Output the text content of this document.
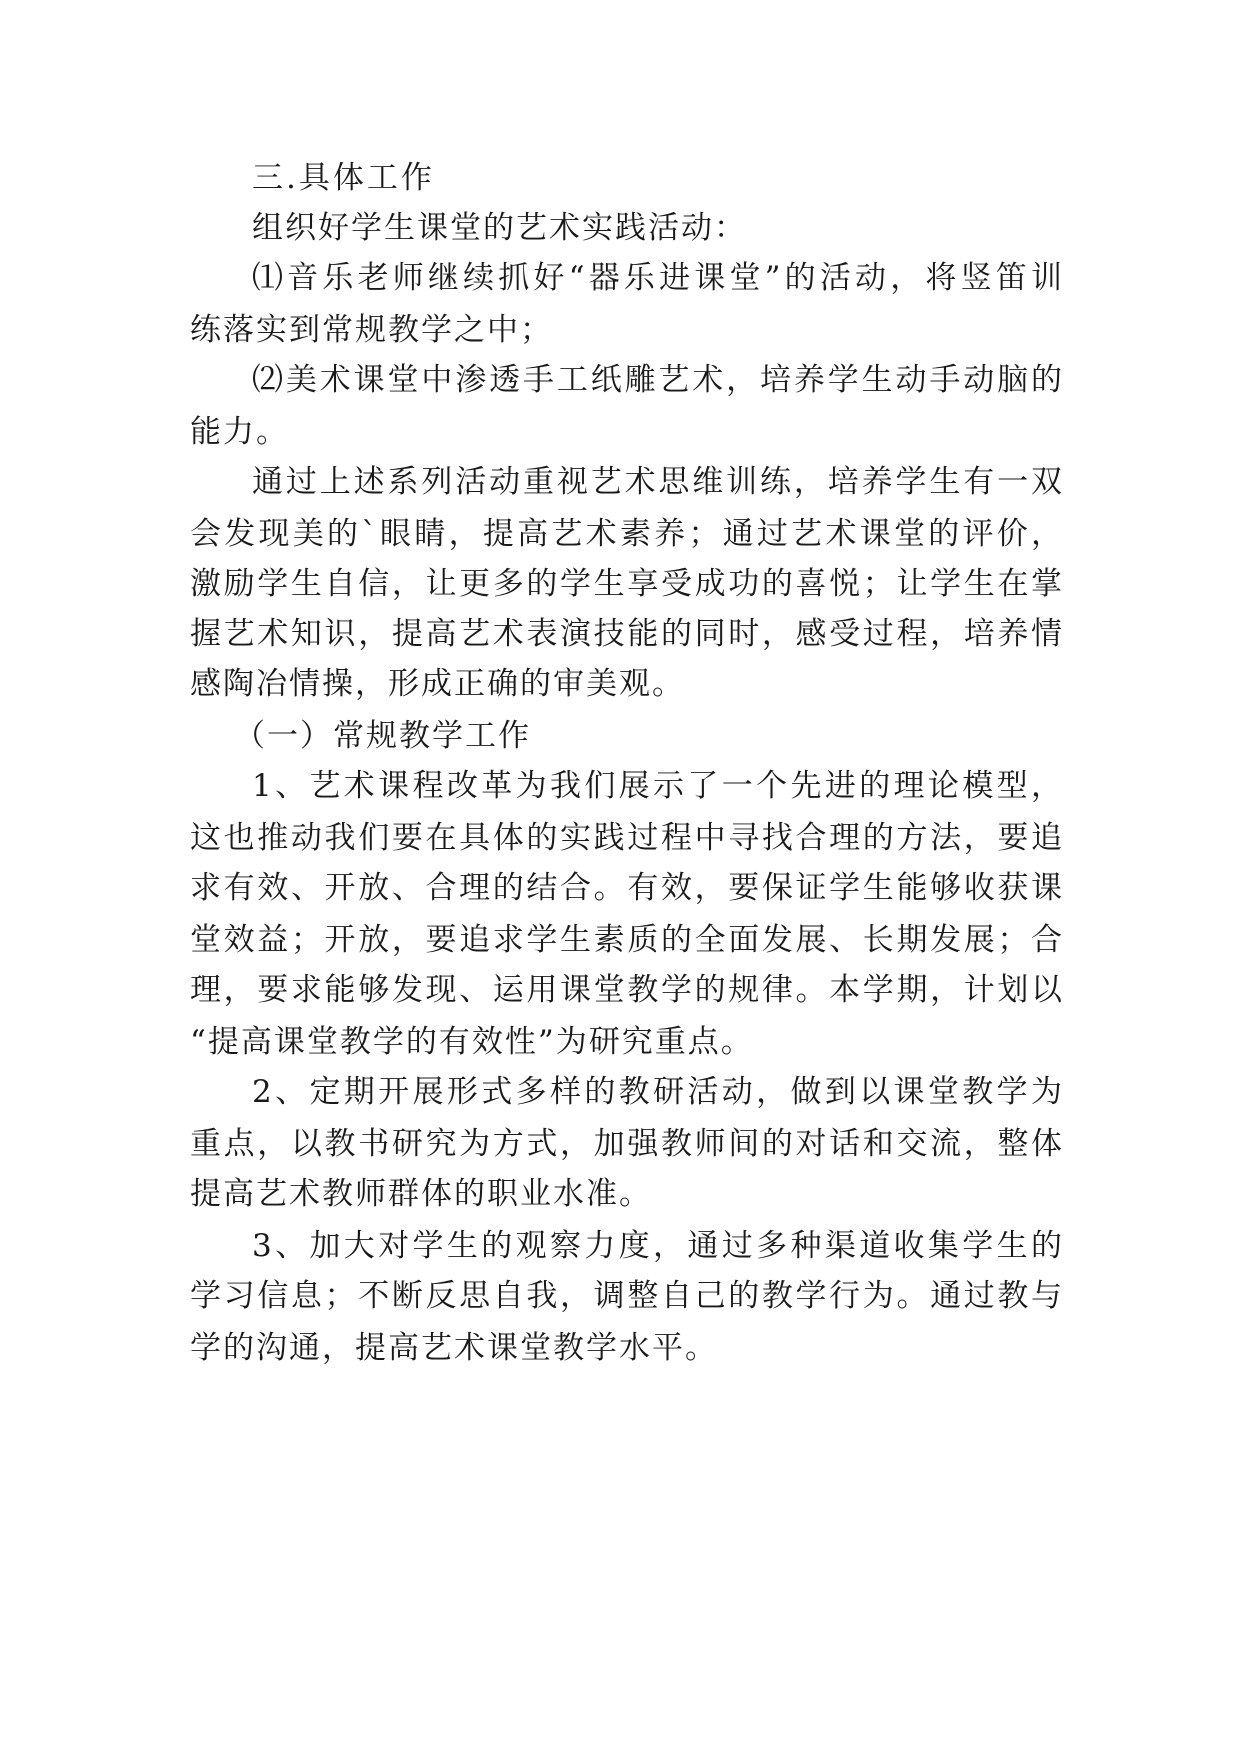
三.具体工作
组织好学生课堂的艺术实践活动：
⑴音乐老师继续抓好“器乐进课堂”的活动，将竖笛训
练落实到常规教学之中；
⑵美术课堂中渗透手工纸雕艺术，培养学生动手动脑的
能力。
通过上述系列活动重视艺术思维训练，培养学生有一双
会发现美的`眼睛，提高艺术素养；通过艺术课堂的评价，
激励学生自信，让更多的学生享受成功的喜悦；让学生在掌
握艺术知识，提高艺术表演技能的同时，感受过程，培养情
感陶冶情操，形成正确的审美观。
（一）常规教学工作
1、艺术课程改革为我们展示了一个先进的理论模型，
这也推动我们要在具体的实践过程中寻找合理的方法，要追
求有效、开放、合理的结合。有效，要保证学生能够收获课
堂效益；开放，要追求学生素质的全面发展、长期发展；合
理，要求能够发现、运用课堂教学的规律。本学期，计划以
“提高课堂教学的有效性”为研究重点。
2、定期开展形式多样的教研活动，做到以课堂教学为
重点，以教书研究为方式，加强教师间的对话和交流，整体
提高艺术教师群体的职业水准。
3、加大对学生的观察力度，通过多种渠道收集学生的
学习信息；不断反思自我，调整自己的教学行为。通过教与
学的沟通，提高艺术课堂教学水平。
